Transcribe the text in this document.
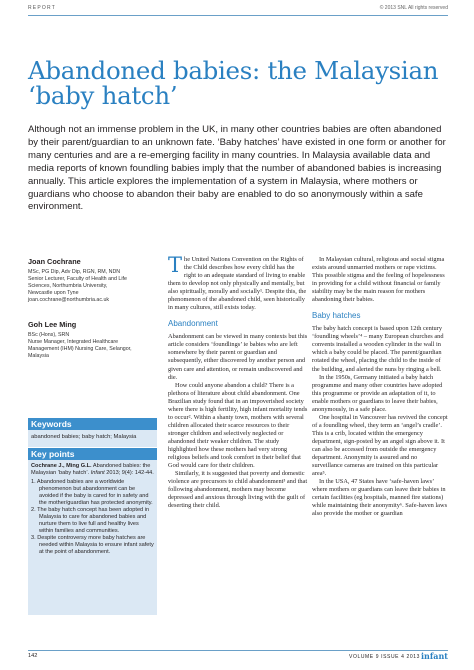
REPORT	© 2013 SNL All rights reserved
Abandoned babies: the Malaysian
‘baby hatch’

Although not an immense problem in the UK, in many other countries babies are often abandoned by their parent/guardian to an unknown fate. ‘Baby hatches’ have existed in one form or another for many centuries and are a re-emerging facility in many countries. In Malaysia available data and media reports of known foundling babies imply that the number of abandoned babies is increasing annually. This article explores the implementation of a system in Malaysia, where mothers or guardians who choose to abandon their baby are enabled to do so anonymously within a safe environment.

Joan Cochrane
MSc, PG Dip, Adv Dip, RGN, RM, NDN
Senior Lecturer, Faculty of Health and Life
Sciences, Northumbria University,
Newcastle upon Tyne
joan.cochrane@northumbria.ac.uk
Goh Lee Ming
BSc (Hons), SRN
Nurse Manager, Integrated Healthcare
Management (IHM) Nursing Care, Selangor,
Malaysia
Keywords
abandoned babies; baby hatch; Malaysia
Key points
Cochrane J., Ming G.L. Abandoned babies: the Malaysian ‘baby hatch’. Infant 2013; 9(4): 142-44.
1. Abandoned babies are a worldwide phenomenon but abandonment can be avoided if the baby is cared for in safety and the mother/guardian has protected anonymity.
2. The baby hatch concept has been adopted in Malaysia to care for abandoned babies and nurture them to live full and healthy lives within families and communities.
3. Despite controversy more baby hatches are needed within Malaysia to ensure infant safety at the point of abandonment.

The United Nations Convention on the Rights of the Child describes how every child has the right to an adequate standard of living to enable them to develop not only physically and mentally, but also spiritually, morally and socially¹. Despite this, the phenomenon of the abandoned child, seen historically in many cultures, still exists today.

Abandonment

Abandonment can be viewed in many contexts but this article considers ‘foundlings’ ie babies who are left somewhere by their parent or guardian and subsequently, either discovered by another person and given care and attention, or remain undiscovered and die.

How could anyone abandon a child? There is a plethora of literature about child abandonment. One Brazilian study found that in an impoverished society where there is high fertility, high infant mortality tends to occur². Within a shanty town, mothers with several children allocated their scarce resources to their stronger children and selectively neglected or abandoned their weaker children. The study highlighted how these mothers had very strong religious beliefs and took comfort in their belief that God would care for their children.

Similarly, it is suggested that poverty and domestic violence are precursors to child abandonment³ and that following abandonment, mothers may become depressed and anxious through living with the guilt of deserting their child.

In Malaysian cultural, religious and social stigma exists around unmarried mothers or rape victims. This possible stigma and the feeling of hopelessness in providing for a child without financial or family stability may be the main reason for mothers abandoning their babies.

Baby hatches

The baby hatch concept is based upon 12th century ‘foundling wheels’⁴ – many European churches and convents installed a wooden cylinder in the wall in which a baby could be placed. The parent/guardian rotated the wheel, placing the child to the inside of the building, and alerted the nuns by ringing a bell.

In the 1950s, Germany initiated a baby hatch programme and many other countries have adopted this programme or provide an adaptation of it, to enable mothers or guardians to leave their babies, anonymously, in a safe place.

One hospital in Vancouver has revived the concept of a foundling wheel, they term an ‘angel’s cradle’. This is a crib, located within the emergency department, sign-posted by an angel sign above it. It can also be accessed from outside the emergency department. Anonymity is assured and no surveillance cameras are trained on this particular area⁵.

In the USA, 47 States have ‘safe-haven laws’ where mothers or guardians can leave their babies in certain facilities (eg hospitals, manned fire stations) while maintaining their anonymity⁶. Safe-haven laws also provide the mother or guardian

142	VOLUME 9 ISSUE 4 2013 infant
